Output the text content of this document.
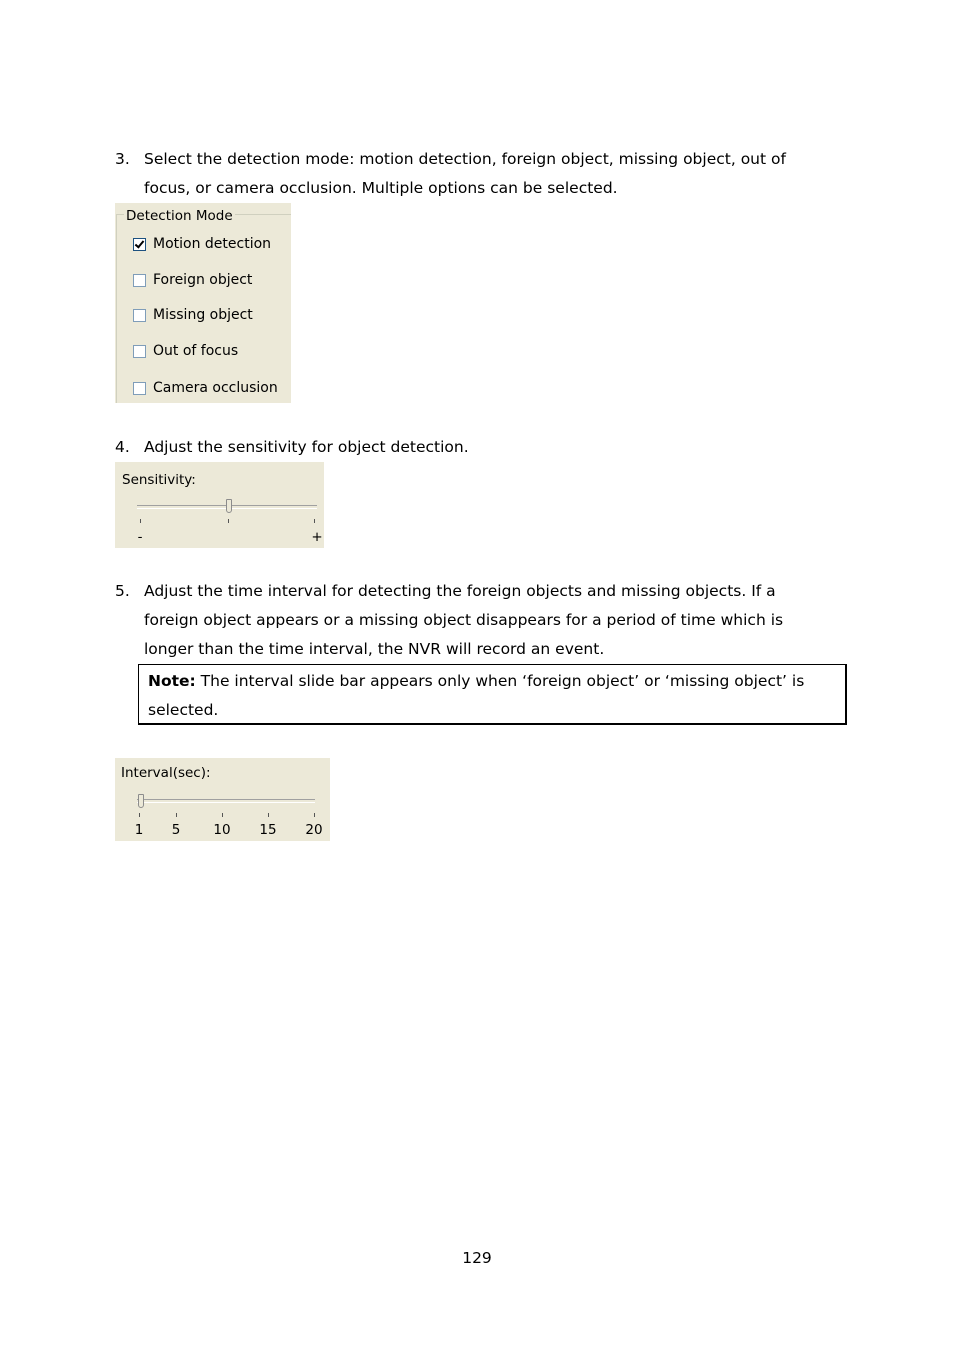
3. Select the detection mode: motion detection, foreign object, missing object, out of focus, or camera occlusion. Multiple options can be selected.
Detection Mode
Motion detection
Foreign object
Missing object
Out of focus
Camera occlusion
4. Adjust the sensitivity for object detection.
Sensitivity:
-	+
5. Adjust the time interval for detecting the foreign objects and missing objects. If a foreign object appears or a missing object disappears for a period of time which is longer than the time interval, the NVR will record an event.
Note: The interval slide bar appears only when ‘foreign object’ or ‘missing object’ is selected.
Interval(sec):
1 5 10 15 20
129
